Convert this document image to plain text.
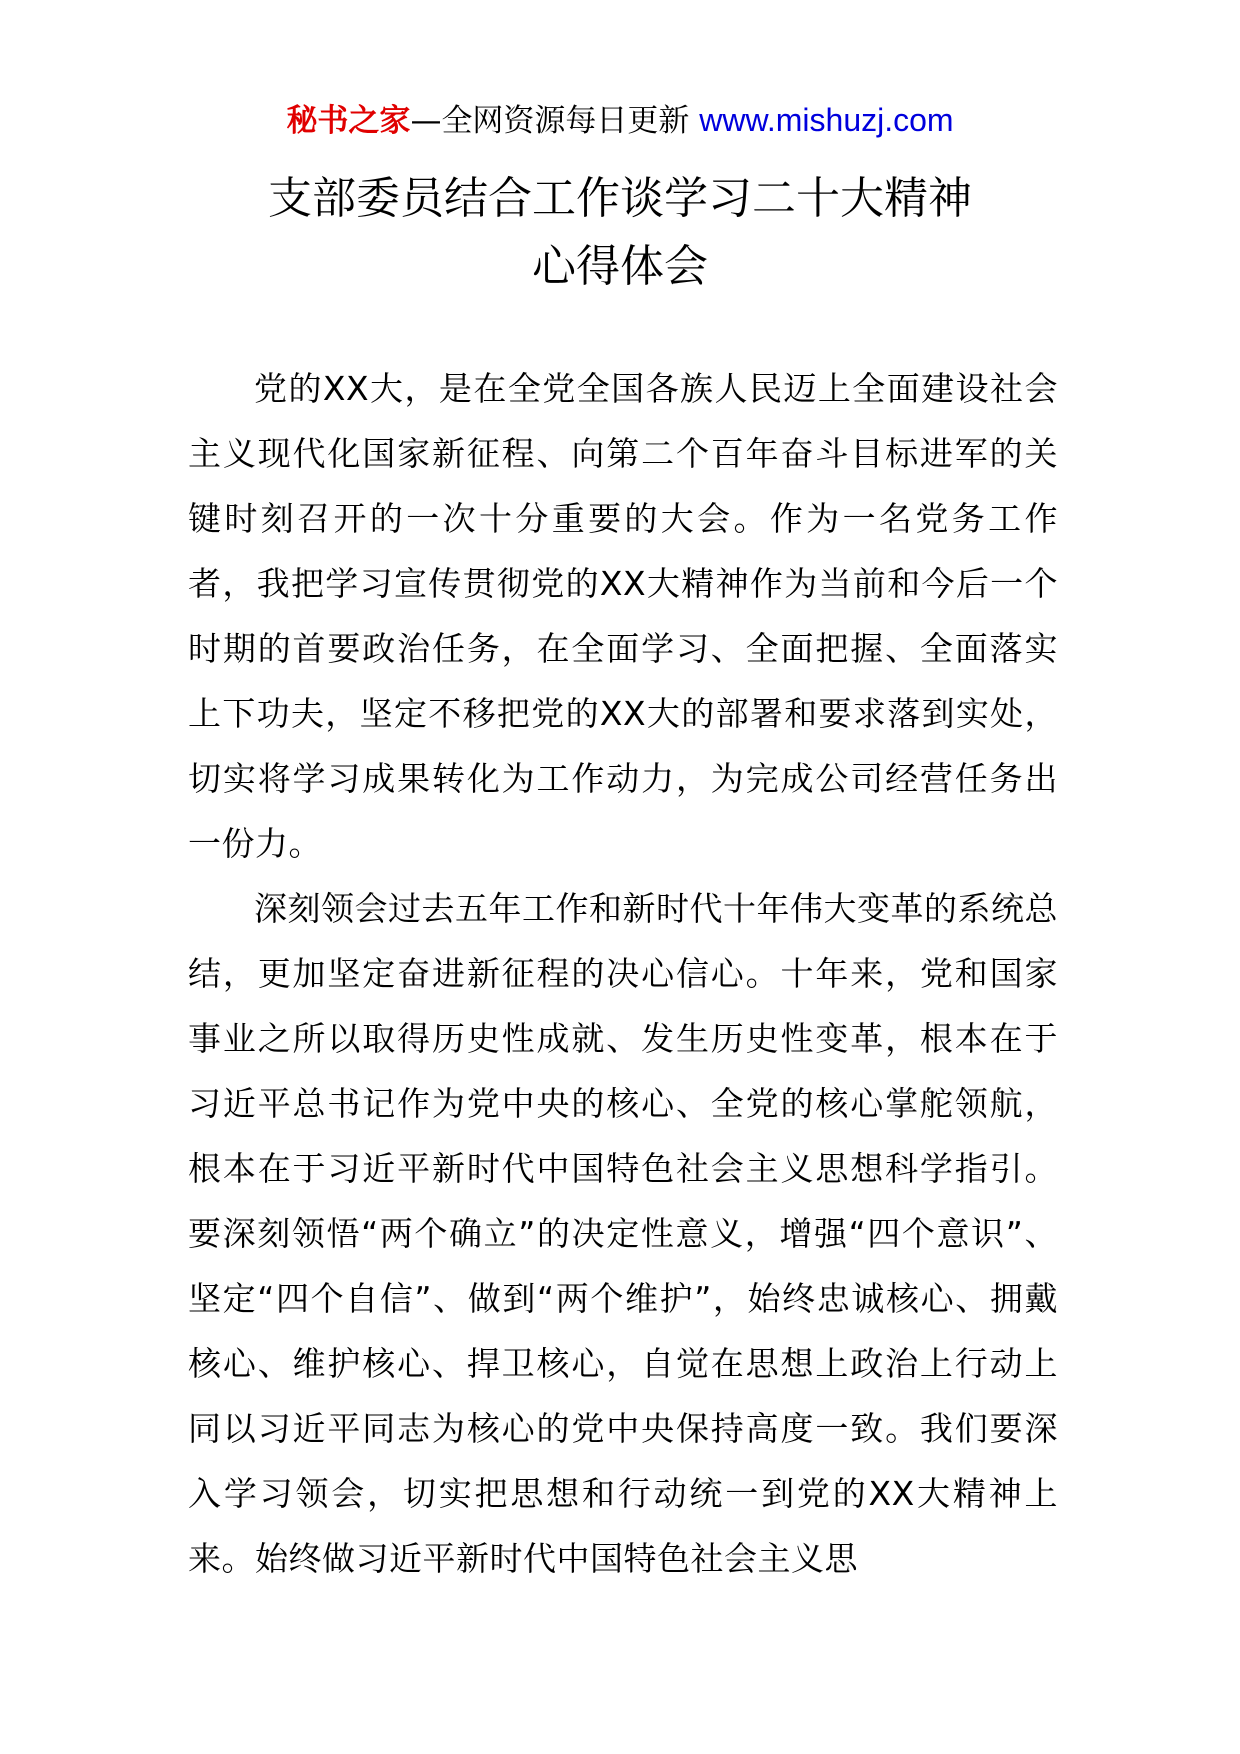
秘书之家—全网资源每日更新 www.mishuzj.com
支部委员结合工作谈学习二十大精神
心得体会

党的XX大，是在全党全国各族人民迈上全面建设社会主义现代化国家新征程、向第二个百年奋斗目标进军的关键时刻召开的一次十分重要的大会。作为一名党务工作者，我把学习宣传贯彻党的XX大精神作为当前和今后一个时期的首要政治任务，在全面学习、全面把握、全面落实上下功夫，坚定不移把党的XX大的部署和要求落到实处，切实将学习成果转化为工作动力，为完成公司经营任务出一份力。

深刻领会过去五年工作和新时代十年伟大变革的系统总结，更加坚定奋进新征程的决心信心。十年来，党和国家事业之所以取得历史性成就、发生历史性变革，根本在于习近平总书记作为党中央的核心、全党的核心掌舵领航，根本在于习近平新时代中国特色社会主义思想科学指引。要深刻领悟“两个确立”的决定性意义，增强“四个意识”、坚定“四个自信”、做到“两个维护”，始终忠诚核心、拥戴核心、维护核心、捍卫核心，自觉在思想上政治上行动上同以习近平同志为核心的党中央保持高度一致。我们要深入学习领会，切实把思想和行动统一到党的XX大精神上来。始终做习近平新时代中国特色社会主义思
